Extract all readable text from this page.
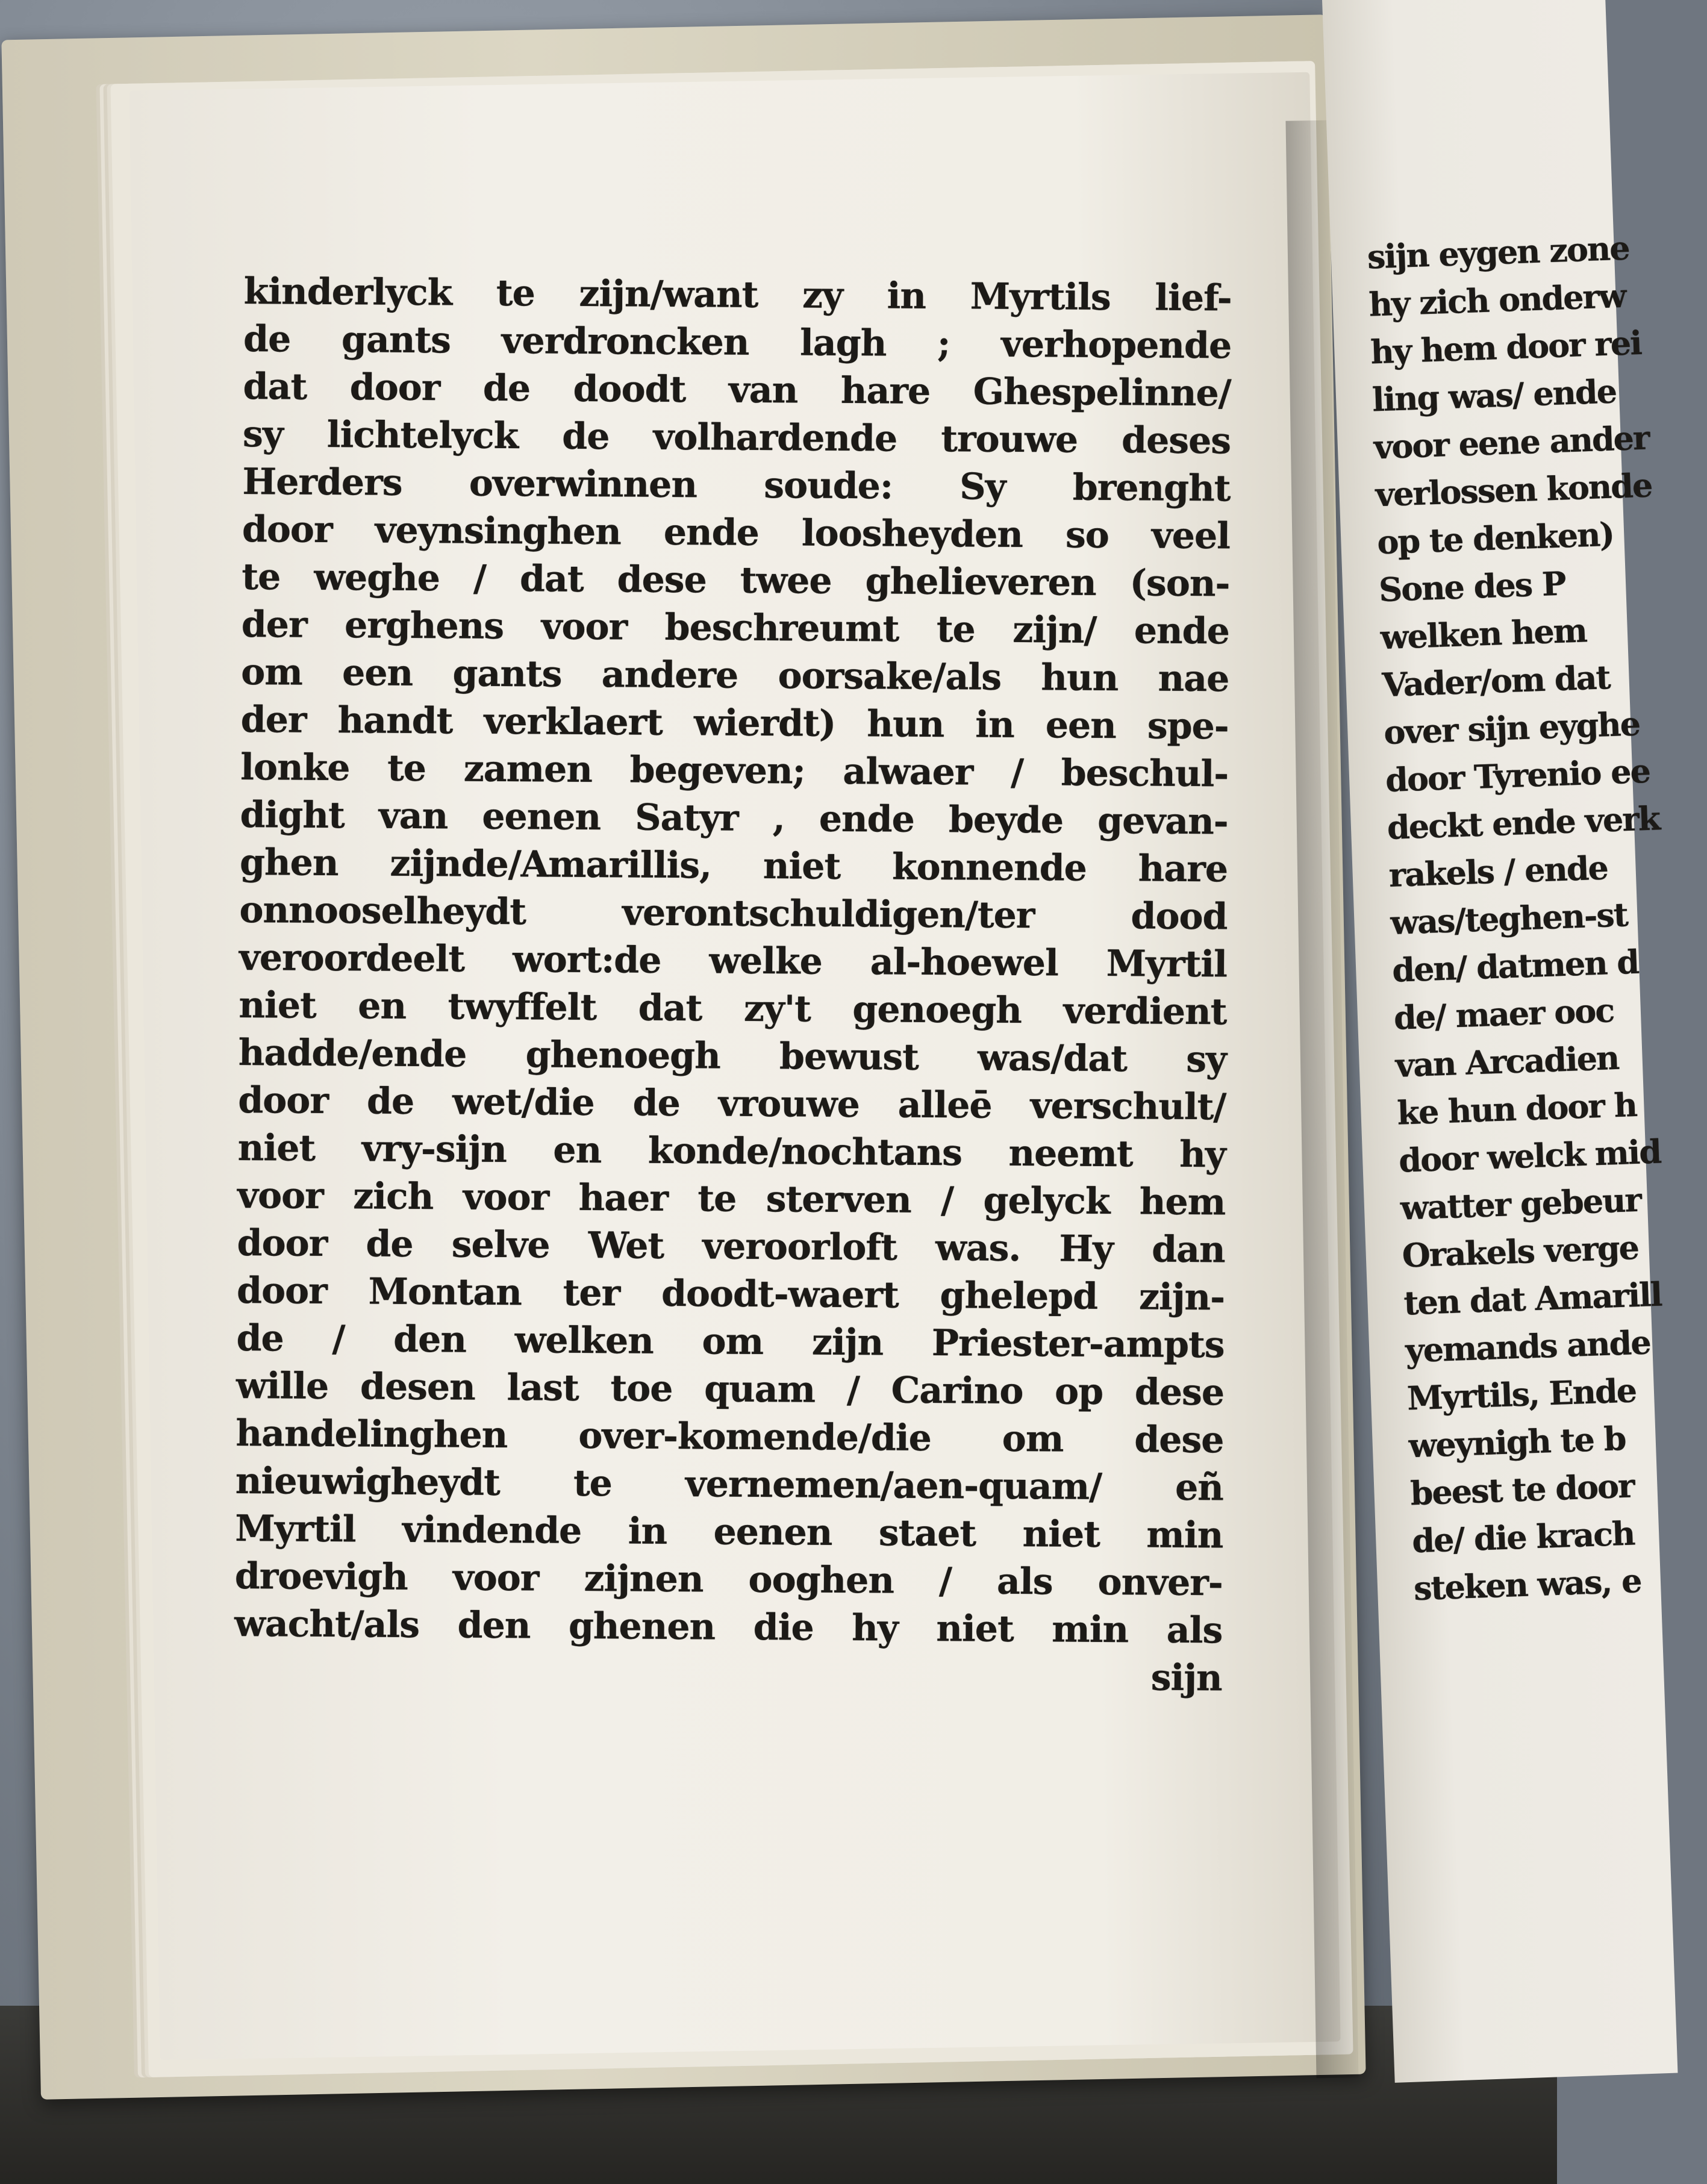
kinderlyck te zijn/want zy in Myrtils lief-
de gants verdroncken lagh ; verhopende
dat door de doodt van hare Ghespelinne/
sy lichtelyck de volhardende trouwe deses
Herders overwinnen soude: Sy brenght
door veynsinghen ende loosheyden so veel
te weghe / dat dese twee ghelieveren (son-
der erghens voor beschreumt te zijn/ ende
om een gants andere oorsake/als hun nae
der handt verklaert wierdt) hun in een spe-
lonke te zamen begeven; alwaer / beschul-
dight van eenen Satyr , ende beyde gevan-
ghen zijnde/Amarillis, niet konnende hare
onnooselheydt verontschuldigen/ter dood
veroordeelt wort:de welke al-hoewel Myrtil
niet en twyffelt dat zy't genoegh verdient
hadde/ende ghenoegh bewust was/dat sy
door de wet/die de vrouwe alleē verschult/
niet vry-sijn en konde/nochtans neemt hy
voor zich voor haer te sterven / gelyck hem
door de selve Wet veroorloft was. Hy dan
door Montan ter doodt-waert ghelepd zijn-
de / den welken om zijn Priester-ampts
wille desen last toe quam / Carino op dese
handelinghen over-komende/die om dese
nieuwigheydt te vernemen/aen-quam/ eñ
Myrtil vindende in eenen staet niet min
droevigh voor zijnen ooghen / als onver-
wacht/als den ghenen die hy niet min als
sijn
sijn eygen zone
hy zich onderw
hy hem door rei
ling was/ ende
voor eene ander
verlossen konde
op te denken)
Sone des P
welken hem
Vader/om dat
over sijn eyghe
door Tyrenio ee
deckt ende verk
rakels / ende
was/teghen-st
den/ datmen d
de/ maer ooc
van Arcadien
ke hun door h
door welck mid
watter gebeur
Orakels verge
ten dat Amarill
yemands ande
Myrtils, Ende
weynigh te b
beest te door
de/ die krach
steken was, e
